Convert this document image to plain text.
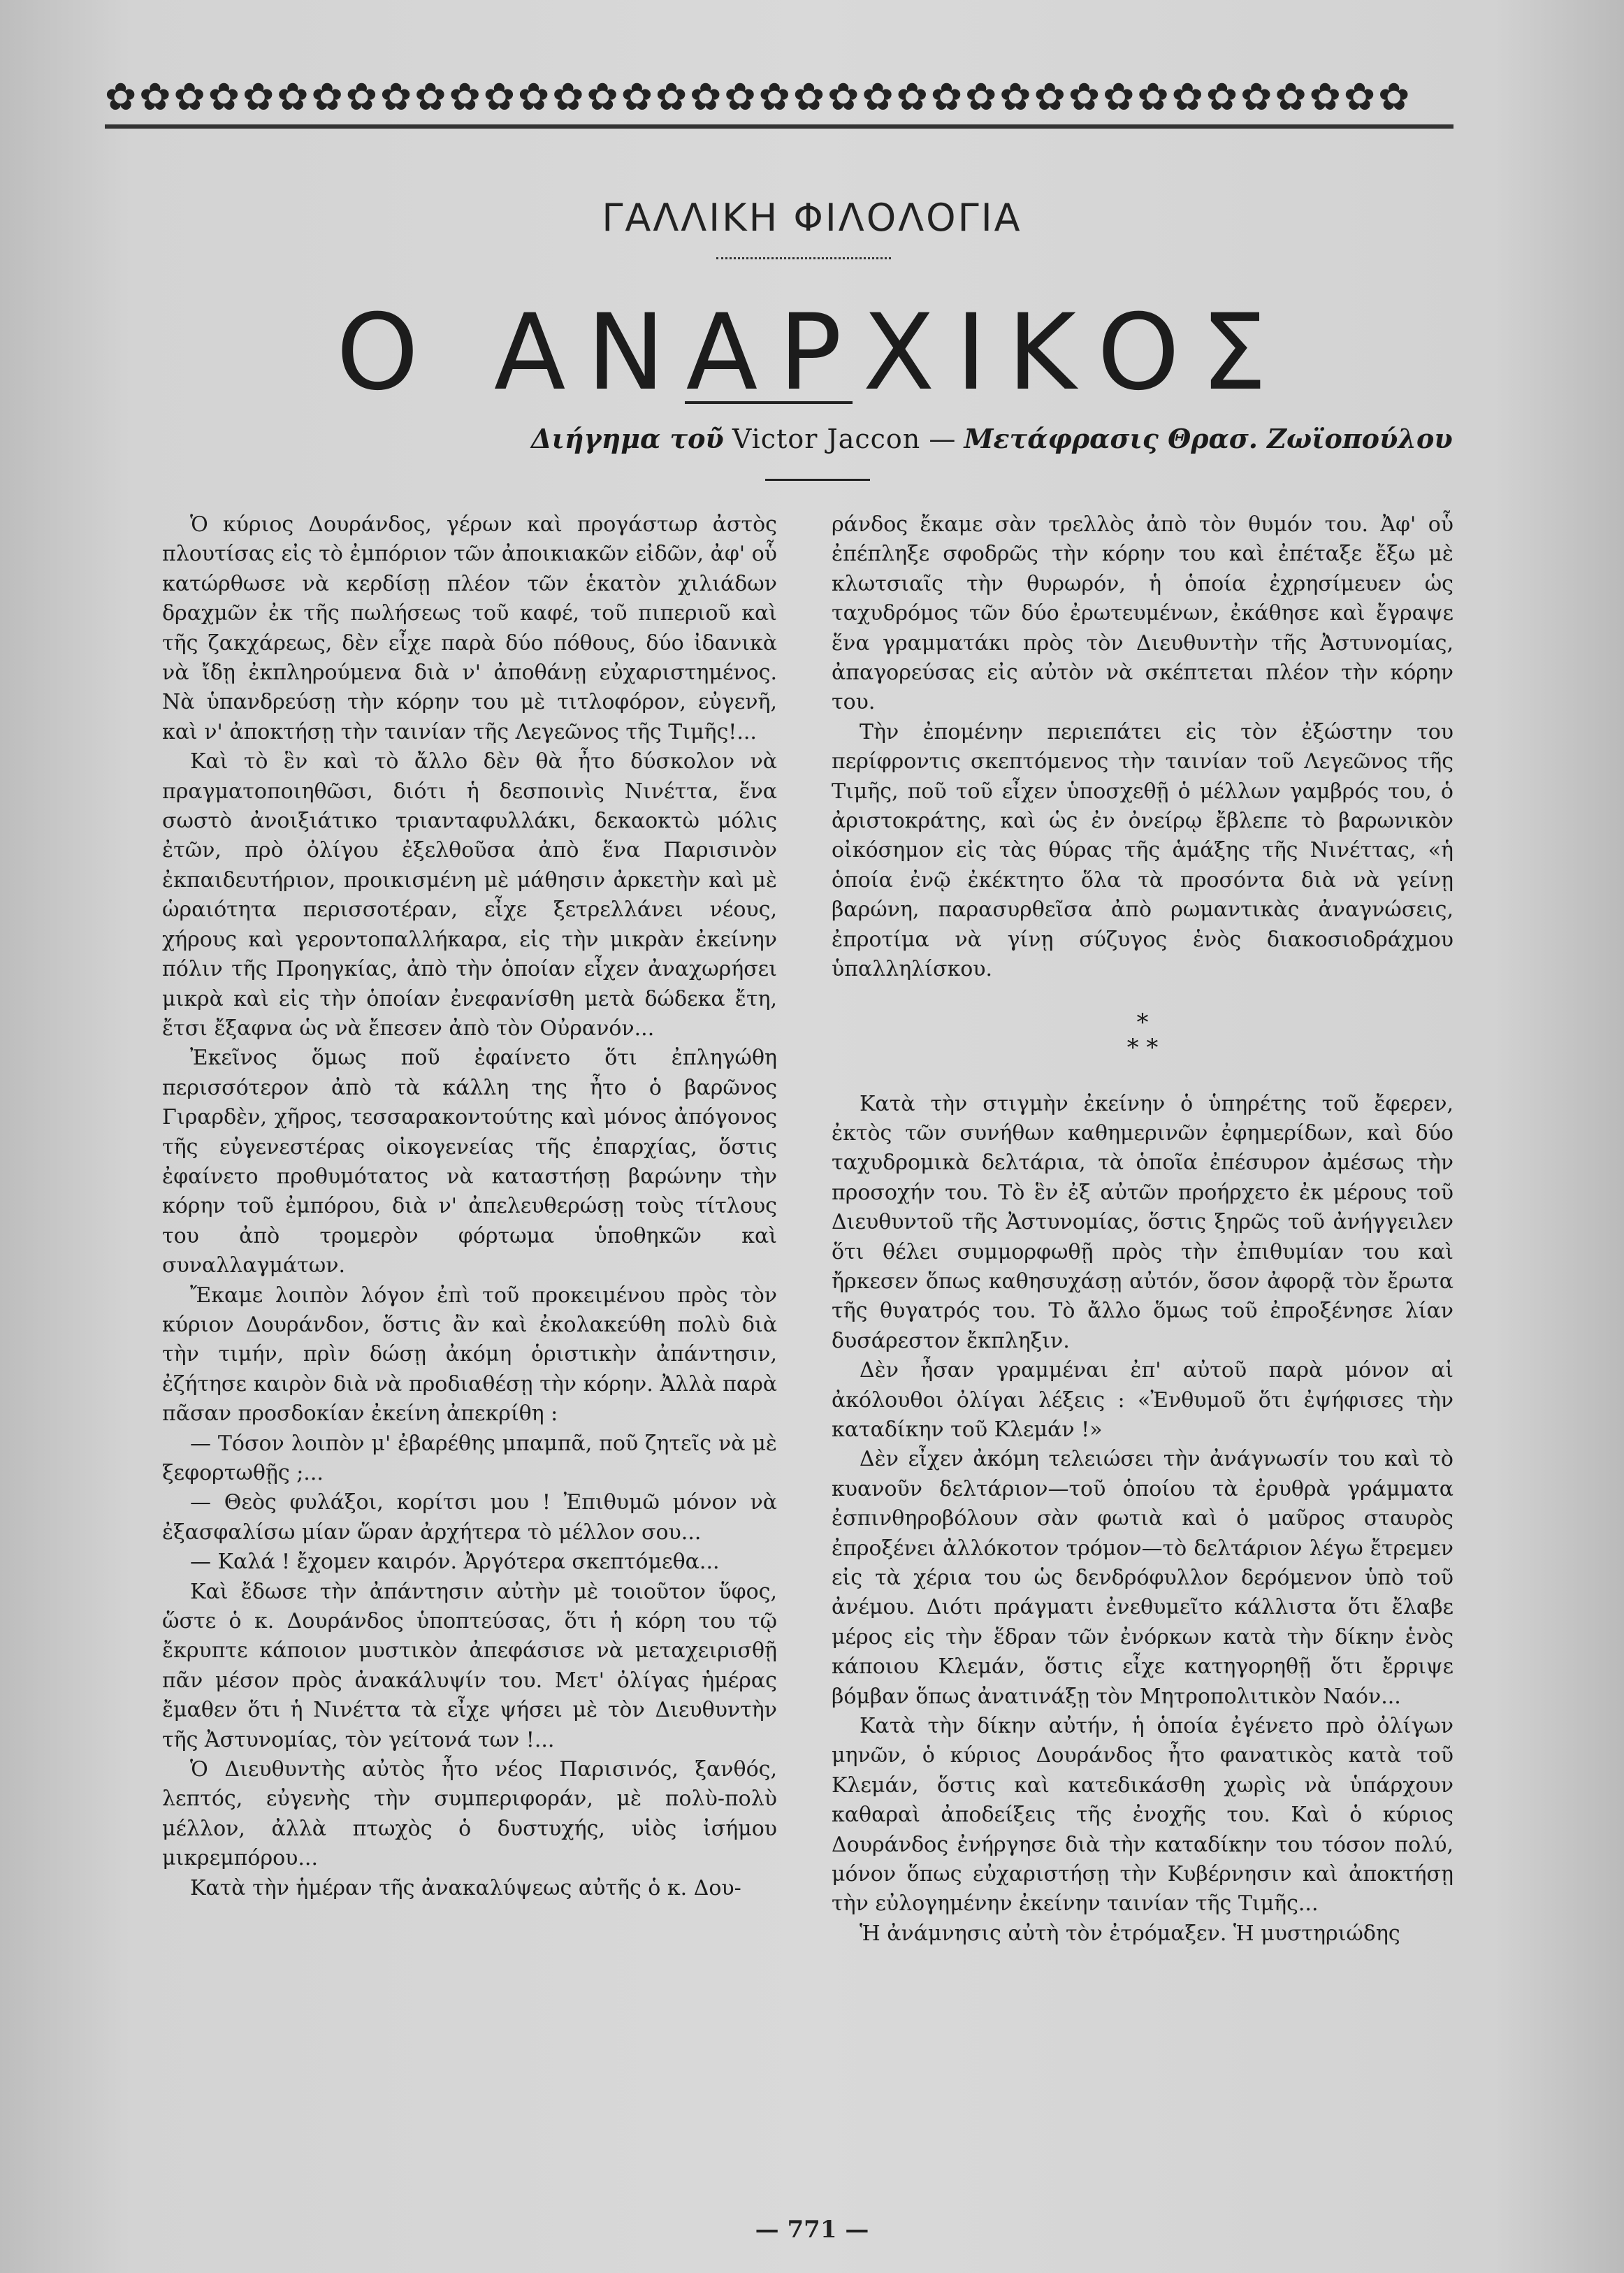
✿✿✿✿✿✿✿✿✿✿✿✿✿✿✿✿✿✿✿✿✿✿✿✿✿✿✿✿✿✿✿✿✿✿✿✿✿✿
ΓΑΛΛΙΚΗ ΦΙΛΟΛΟΓΙΑ
Ο ΑΝΑΡΧΙΚΟΣ
Διήγημα τοῦ Victor Jaccon — Μετάφρασις Θρασ. Ζωϊοπούλου

Ὁ κύριος Δουράνδος, γέρων καὶ προγάστωρ ἀστὸς πλουτίσας εἰς τὸ ἐμπόριον τῶν ἀποικιακῶν εἰδῶν, ἀφ' οὗ κατώρθωσε νὰ κερδίσῃ πλέον τῶν ἑκατὸν χιλιάδων δραχμῶν ἐκ τῆς πωλήσεως τοῦ καφέ, τοῦ πιπεριοῦ καὶ τῆς ζακχάρεως, δὲν εἶχε παρὰ δύο πόθους, δύο ἰδανικὰ νὰ ἴδῃ ἐκπληρούμενα διὰ ν' ἀποθάνῃ εὐχαριστημένος. Νὰ ὑπανδρεύσῃ τὴν κόρην του μὲ τιτλοφόρον, εὐγενῆ, καὶ ν' ἀποκτήσῃ τὴν ταινίαν τῆς Λεγεῶνος τῆς Τιμῆς!...

Καὶ τὸ ἓν καὶ τὸ ἄλλο δὲν θὰ ἦτο δύσκολον νὰ πραγματοποιηθῶσι, διότι ἡ δεσποινὶς Νινέττα, ἕνα σωστὸ ἀνοιξιάτικο τριανταφυλλάκι, δεκαοκτὼ μόλις ἐτῶν, πρὸ ὀλίγου ἐξελθοῦσα ἀπὸ ἕνα Παρισινὸν ἐκπαιδευτήριον, προικισμένη μὲ μάθησιν ἀρκετὴν καὶ μὲ ὡραιότητα περισσοτέραν, εἶχε ξετρελλάνει νέους, χήρους καὶ γεροντοπαλλήκαρα, εἰς τὴν μικρὰν ἐκείνην πόλιν τῆς Προηγκίας, ἀπὸ τὴν ὁποίαν εἶχεν ἀναχωρήσει μικρὰ καὶ εἰς τὴν ὁποίαν ἐνεφανίσθη μετὰ δώδεκα ἔτη, ἔτσι ἔξαφνα ὡς νὰ ἔπεσεν ἀπὸ τὸν Οὐρανόν...

Ἐκεῖνος ὅμως ποῦ ἐφαίνετο ὅτι ἐπληγώθη περισσότερον ἀπὸ τὰ κάλλη της ἦτο ὁ βαρῶνος Γιραρδὲν, χῆρος, τεσσαρακοντούτης καὶ μόνος ἀπόγονος τῆς εὐγενεστέρας οἰκογενείας τῆς ἐπαρχίας, ὅστις ἐφαίνετο προθυμότατος νὰ καταστήσῃ βαρώνην τὴν κόρην τοῦ ἐμπόρου, διὰ ν' ἀπελευθερώσῃ τοὺς τίτλους του ἀπὸ τρομερὸν φόρτωμα ὑποθηκῶν καὶ συναλλαγμάτων.

Ἔκαμε λοιπὸν λόγον ἐπὶ τοῦ προκειμένου πρὸς τὸν κύριον Δουράνδον, ὅστις ἂν καὶ ἐκολακεύθη πολὺ διὰ τὴν τιμήν, πρὶν δώσῃ ἀκόμη ὁριστικὴν ἀπάντησιν, ἐζήτησε καιρὸν διὰ νὰ προδιαθέσῃ τὴν κόρην. Ἀλλὰ παρὰ πᾶσαν προσδοκίαν ἐκείνη ἀπεκρίθη :

— Τόσον λοιπὸν μ' ἐβαρέθης μπαμπᾶ, ποῦ ζητεῖς νὰ μὲ ξεφορτωθῇς ;...

— Θεὸς φυλάξοι, κορίτσι μου ! Ἐπιθυμῶ μόνον νὰ ἐξασφαλίσω μίαν ὥραν ἀρχήτερα τὸ μέλλον σου...

— Καλά ! ἔχομεν καιρόν. Ἀργότερα σκεπτόμεθα...

Καὶ ἔδωσε τὴν ἀπάντησιν αὐτὴν μὲ τοιοῦτον ὕφος, ὥστε ὁ κ. Δουράνδος ὑποπτεύσας, ὅτι ἡ κόρη του τῷ ἔκρυπτε κάποιον μυστικὸν ἀπεφάσισε νὰ μεταχειρισθῇ πᾶν μέσον πρὸς ἀνακάλυψίν του. Μετ' ὀλίγας ἡμέρας ἔμαθεν ὅτι ἡ Νινέττα τὰ εἶχε ψήσει μὲ τὸν Διευθυντὴν τῆς Ἀστυνομίας, τὸν γείτονά των !...

Ὁ Διευθυντὴς αὐτὸς ἦτο νέος Παρισινός, ξανθός, λεπτός, εὐγενὴς τὴν συμπεριφοράν, μὲ πολὺ-πολὺ μέλλον, ἀλλὰ πτωχὸς ὁ δυστυχής, υἱὸς ἰσήμου μικρεμπόρου...

Κατὰ τὴν ἡμέραν τῆς ἀνακαλύψεως αὐτῆς ὁ κ. Δου-

ράνδος ἔκαμε σὰν τρελλὸς ἀπὸ τὸν θυμόν του. Ἀφ' οὗ ἐπέπληξε σφοδρῶς τὴν κόρην του καὶ ἐπέταξε ἔξω μὲ κλωτσιαῖς τὴν θυρωρόν, ἡ ὁποία ἐχρησίμευεν ὡς ταχυδρόμος τῶν δύο ἐρωτευμένων, ἐκάθησε καὶ ἔγραψε ἕνα γραμματάκι πρὸς τὸν Διευθυντὴν τῆς Ἀστυνομίας, ἀπαγορεύσας εἰς αὐτὸν νὰ σκέπτεται πλέον τὴν κόρην του.

Τὴν ἐπομένην περιεπάτει εἰς τὸν ἐξώστην του περίφροντις σκεπτόμενος τὴν ταινίαν τοῦ Λεγεῶνος τῆς Τιμῆς, ποῦ τοῦ εἶχεν ὑποσχεθῇ ὁ μέλλων γαμβρός του, ὁ ἀριστοκράτης, καὶ ὡς ἐν ὀνείρῳ ἔβλεπε τὸ βαρωνικὸν οἰκόσημον εἰς τὰς θύρας τῆς ἁμάξης τῆς Νινέττας, «ἡ ὁποία ἐνῷ ἐκέκτητο ὅλα τὰ προσόντα διὰ νὰ γείνῃ βαρώνη, παρασυρθεῖσα ἀπὸ ρωμαντικὰς ἀναγνώσεις, ἐπροτίμα νὰ γίνῃ σύζυγος ἑνὸς διακοσιοδράχμου ὑπαλληλίσκου.

*
* *

Κατὰ τὴν στιγμὴν ἐκείνην ὁ ὑπηρέτης τοῦ ἔφερεν, ἐκτὸς τῶν συνήθων καθημερινῶν ἐφημερίδων, καὶ δύο ταχυδρομικὰ δελτάρια, τὰ ὁποῖα ἐπέσυρον ἀμέσως τὴν προσοχήν του. Τὸ ἓν ἐξ αὐτῶν προήρχετο ἐκ μέρους τοῦ Διευθυντοῦ τῆς Ἀστυνομίας, ὅστις ξηρῶς τοῦ ἀνήγγειλεν ὅτι θέλει συμμορφωθῇ πρὸς τὴν ἐπιθυμίαν του καὶ ἤρκεσεν ὅπως καθησυχάσῃ αὐτόν, ὅσον ἀφορᾷ τὸν ἔρωτα τῆς θυγατρός του. Τὸ ἄλλο ὅμως τοῦ ἐπροξένησε λίαν δυσάρεστον ἔκπληξιν.

Δὲν ἦσαν γραμμέναι ἐπ' αὐτοῦ παρὰ μόνον αἱ ἀκόλουθοι ὀλίγαι λέξεις : «Ἐνθυμοῦ ὅτι ἐψήφισες τὴν καταδίκην τοῦ Κλεμάν !»

Δὲν εἶχεν ἀκόμη τελειώσει τὴν ἀνάγνωσίν του καὶ τὸ κυανοῦν δελτάριον—τοῦ ὁποίου τὰ ἐρυθρὰ γράμματα ἐσπινθηροβόλουν σὰν φωτιὰ καὶ ὁ μαῦρος σταυρὸς ἐπροξένει ἀλλόκοτον τρόμον—τὸ δελτάριον λέγω ἔτρεμεν εἰς τὰ χέρια του ὡς δενδρόφυλλον δερόμενον ὑπὸ τοῦ ἀνέμου. Διότι πράγματι ἐνεθυμεῖτο κάλλιστα ὅτι ἔλαβε μέρος εἰς τὴν ἕδραν τῶν ἐνόρκων κατὰ τὴν δίκην ἑνὸς κάποιου Κλεμάν, ὅστις εἶχε κατηγορηθῇ ὅτι ἔρριψε βόμβαν ὅπως ἀνατινάξῃ τὸν Μητροπολιτικὸν Ναόν...

Κατὰ τὴν δίκην αὐτήν, ἡ ὁποία ἐγένετο πρὸ ὀλίγων μηνῶν, ὁ κύριος Δουράνδος ἦτο φανατικὸς κατὰ τοῦ Κλεμάν, ὅστις καὶ κατεδικάσθη χωρὶς νὰ ὑπάρχουν καθαραὶ ἀποδείξεις τῆς ἐνοχῆς του. Καὶ ὁ κύριος Δουράνδος ἐνήργησε διὰ τὴν καταδίκην του τόσον πολύ, μόνον ὅπως εὐχαριστήσῃ τὴν Κυβέρνησιν καὶ ἀποκτήσῃ τὴν εὐλογημένην ἐκείνην ταινίαν τῆς Τιμῆς...

Ἡ ἀνάμνησις αὐτὴ τὸν ἐτρόμαξεν. Ἡ μυστηριώδης

— 771 —
